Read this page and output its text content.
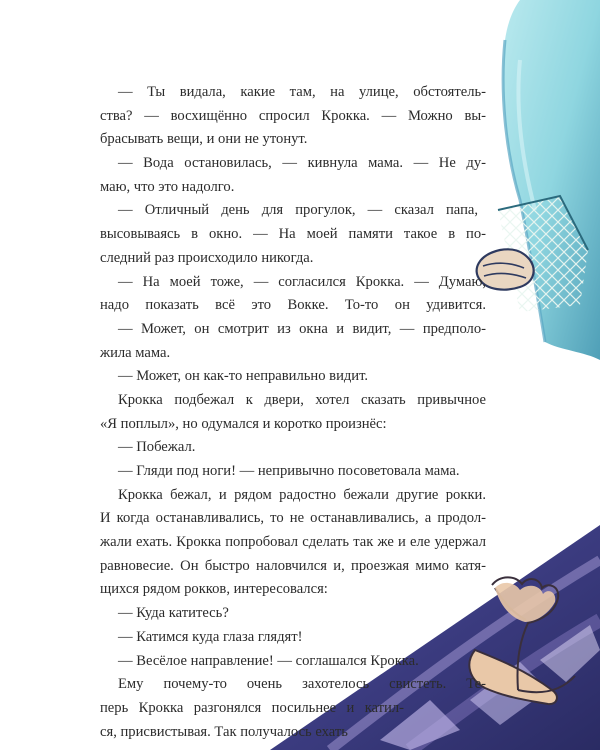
— Ты видала, какие там, на улице, обстоятель-
ства? — восхищённо спросил Крокка. — Можно вы-
брасывать вещи, и они не утонут.
— Вода остановилась, — кивнула мама. — Не ду-
маю, что это надолго.
— Отличный день для прогулок, — сказал папа,
высовываясь в окно. — На моей памяти такое в по-
следний раз происходило никогда.
— На моей тоже, — согласился Крокка. — Думаю,
надо показать всё это Вокке. То-то он удивится.
— Может, он смотрит из окна и видит, — предполо-
жила мама.
— Может, он как-то неправильно видит.
Крокка подбежал к двери, хотел сказать привычное
«Я поплыл», но одумался и коротко произнёс:
— Побежал.
— Гляди под ноги! — непривычно посоветовала мама.
Крокка бежал, и рядом радостно бежали другие рокки.
И когда останавливались, то не останавливались, а продол-
жали ехать. Крокка попробовал сделать так же и еле удержал
равновесие. Он быстро наловчился и, проезжая мимо катя-
щихся рядом рокков, интересовался:
— Куда катитесь?
— Катимся куда глаза глядят!
— Весёлое направление! — соглашался Крокка.
Ему почему-то очень захотелось свистеть. Те-
перь Крокка разгонялся посильнее и катил-
ся, присвистывая. Так получалось ехать
